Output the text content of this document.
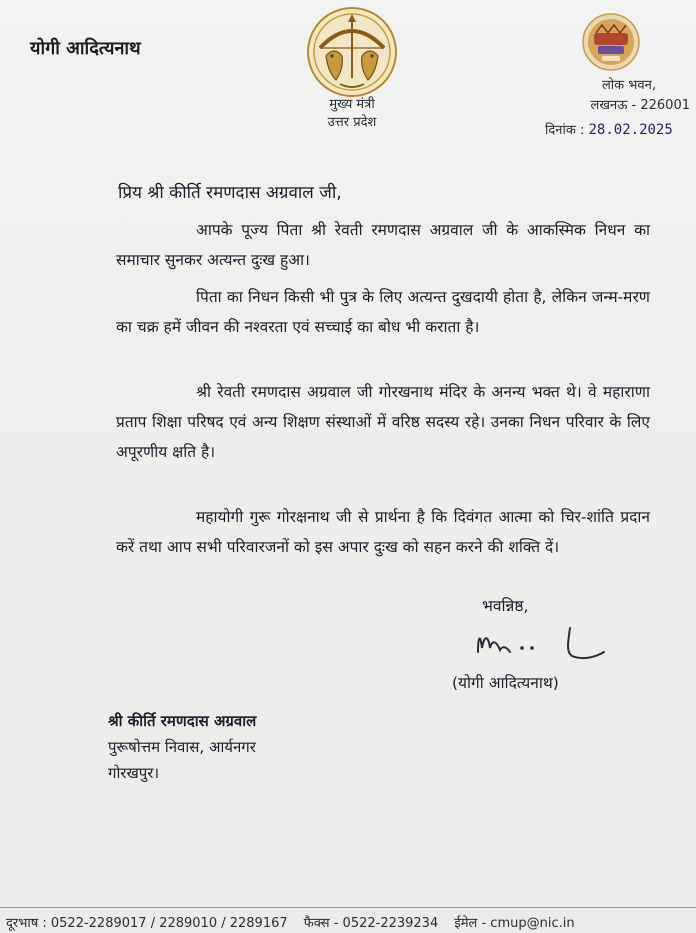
योगी आदित्यनाथ
मुख्य मंत्री
उत्तर प्रदेश
लोक भवन,
लखनऊ - 226001
दिनांक : 28.02.2025
प्रिय श्री कीर्ति रमणदास अग्रवाल जी,
आपके पूज्य पिता श्री रेवती रमणदास अग्रवाल जी के आकस्मिक निधन का समाचार सुनकर अत्यन्त दुःख हुआ।
पिता का निधन किसी भी पुत्र के लिए अत्यन्त दुखदायी होता है, लेकिन जन्म-मरण का चक्र हमें जीवन की नश्वरता एवं सच्चाई का बोध भी कराता है।
श्री रेवती रमणदास अग्रवाल जी गोरखनाथ मंदिर के अनन्य भक्त थे। वे महाराणा प्रताप शिक्षा परिषद एवं अन्य शिक्षण संस्थाओं में वरिष्ठ सदस्य रहे। उनका निधन परिवार के लिए अपूरणीय क्षति है।
महायोगी गुरू गोरक्षनाथ जी से प्रार्थना है कि दिवंगत आत्मा को चिर-शांति प्रदान करें तथा आप सभी परिवारजनों को इस अपार दुःख को सहन करने की शक्ति दें।
भवन्निष्ठ,
(योगी आदित्यनाथ)
श्री कीर्ति रमणदास अग्रवाल
पुरूषोत्तम निवास, आर्यनगर
गोरखपुर।
दूरभाष : 0522-2289017 / 2289010 / 2289167 फैक्स - 0522-2239234 ईमेल - cmup@nic.in
